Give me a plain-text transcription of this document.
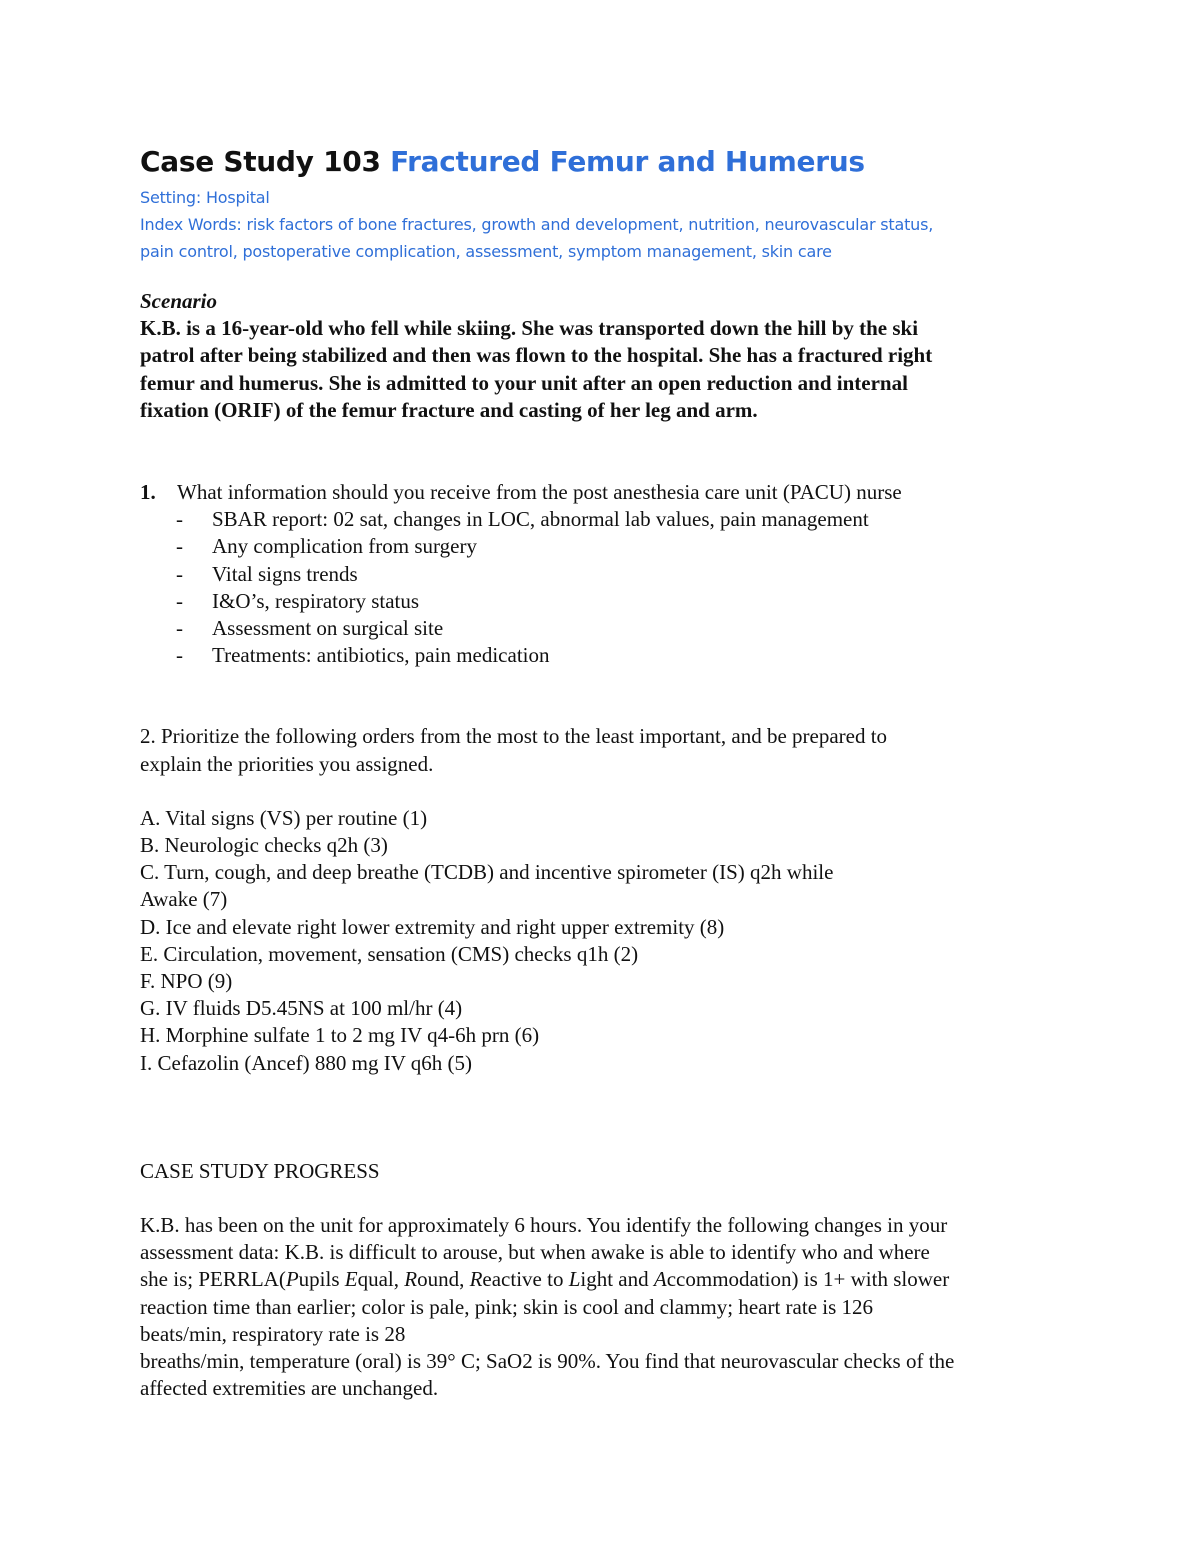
Case Study 103 Fractured Femur and Humerus

Setting: Hospital

Index Words: risk factors of bone fractures, growth and development, nutrition, neurovascular status,

pain control, postoperative complication, assessment, symptom management, skin care

Scenario
K.B. is a 16-year-old who fell while skiing. She was transported down the hill by the ski
patrol after being stabilized and then was flown to the hospital. She has a fractured right
femur and humerus. She is admitted to your unit after an open reduction and internal
fixation (ORIF) of the femur fracture and casting of her leg and arm.
1.	What information should you receive from the post anesthesia care unit (PACU) nurse
- SBAR report: 02 sat, changes in LOC, abnormal lab values, pain management
- Any complication from surgery
- Vital signs trends
- I&O’s, respiratory status
- Assessment on surgical site
- Treatments: antibiotics, pain medication
2. Prioritize the following orders from the most to the least important, and be prepared to
explain the priorities you assigned.
A. Vital signs (VS) per routine (1)
B. Neurologic checks q2h (3)
C. Turn, cough, and deep breathe (TCDB) and incentive spirometer (IS) q2h while
Awake (7)
D. Ice and elevate right lower extremity and right upper extremity (8)
E. Circulation, movement, sensation (CMS) checks q1h (2)
F. NPO (9)
G. IV fluids D5.45NS at 100 ml/hr (4)
H. Morphine sulfate 1 to 2 mg IV q4-6h prn (6)
I. Cefazolin (Ancef) 880 mg IV q6h (5)
CASE STUDY PROGRESS
K.B. has been on the unit for approximately 6 hours. You identify the following changes in your
assessment data: K.B. is difficult to arouse, but when awake is able to identify who and where
she is; PERRLA(Pupils Equal, Round, Reactive to Light and Accommodation) is 1+ with slower
reaction time than earlier; color is pale, pink; skin is cool and clammy; heart rate is 126
beats/min, respiratory rate is 28
breaths/min, temperature (oral) is 39° C; SaO2 is 90%. You find that neurovascular checks of the
affected extremities are unchanged.
